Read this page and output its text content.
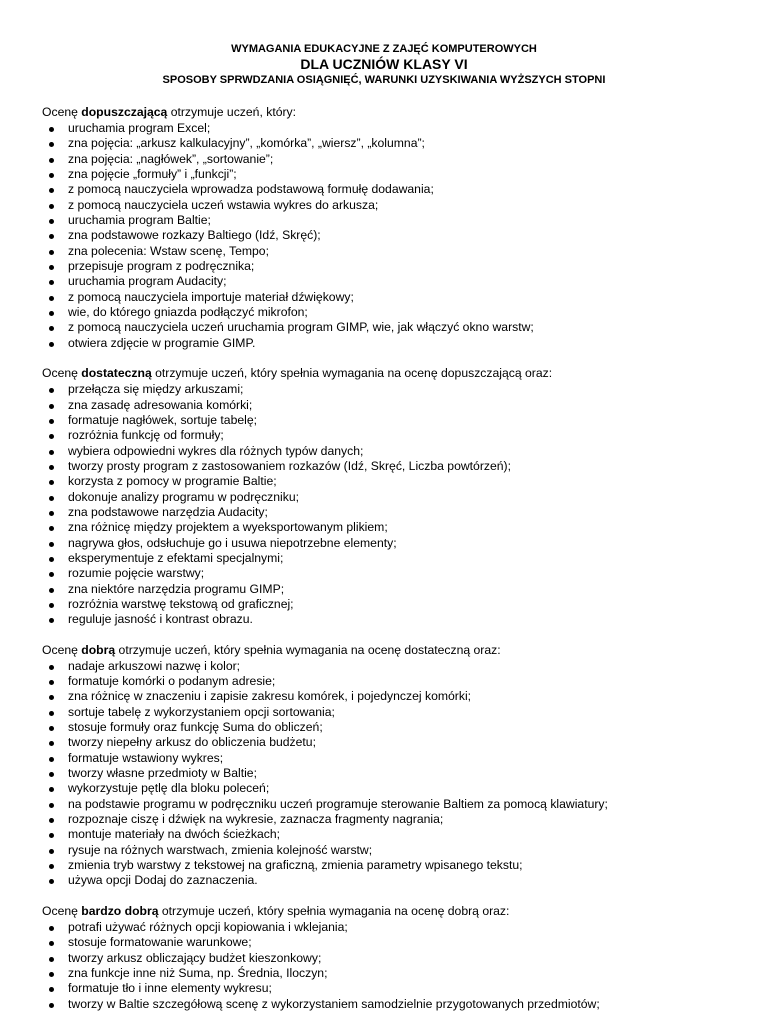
WYMAGANIA EDUKACYJNE Z ZAJĘĆ KOMPUTEROWYCH
DLA UCZNIÓW KLASY VI
SPOSOBY SPRWDZANIA OSIĄGNIĘĆ, WARUNKI UZYSKIWANIA WYŻSZYCH STOPNI
Ocenę dopuszczającą otrzymuje uczeń, który:
uruchamia program Excel;
zna pojęcia: „arkusz kalkulacyjny”, „komórka”, „wiersz”, „kolumna”;
zna pojęcia: „nagłówek”, „sortowanie”;
zna pojęcie „formuły” i „funkcji”;
z pomocą nauczyciela wprowadza podstawową formułę dodawania;
z pomocą nauczyciela uczeń wstawia wykres do arkusza;
uruchamia program Baltie;
zna podstawowe rozkazy Baltiego (Idź, Skręć);
zna polecenia: Wstaw scenę, Tempo;
przepisuje program z podręcznika;
uruchamia program Audacity;
z pomocą nauczyciela importuje materiał dźwiękowy;
wie, do którego gniazda podłączyć mikrofon;
z pomocą nauczyciela uczeń uruchamia program GIMP, wie, jak włączyć okno warstw;
otwiera zdjęcie w programie GIMP.
Ocenę dostateczną otrzymuje uczeń, który spełnia wymagania na ocenę dopuszczającą oraz:
przełącza się między arkuszami;
zna zasadę adresowania komórki;
formatuje nagłówek, sortuje tabelę;
rozróżnia funkcję od formuły;
wybiera odpowiedni wykres dla różnych typów danych;
tworzy prosty program z zastosowaniem rozkazów (Idź, Skręć, Liczba powtórzeń);
korzysta z pomocy w programie Baltie;
dokonuje analizy programu w podręczniku;
zna podstawowe narzędzia Audacity;
zna różnicę między projektem a wyeksportowanym plikiem;
nagrywa głos, odsłuchuje go i usuwa niepotrzebne elementy;
eksperymentuje z efektami specjalnymi;
rozumie pojęcie warstwy;
zna niektóre narzędzia programu GIMP;
rozróżnia warstwę tekstową od graficznej;
reguluje jasność i kontrast obrazu.
Ocenę dobrą otrzymuje uczeń, który spełnia wymagania na ocenę dostateczną oraz:
nadaje arkuszowi nazwę i kolor;
formatuje komórki o podanym adresie;
zna różnicę w znaczeniu i zapisie zakresu komórek, i pojedynczej komórki;
sortuje tabelę z wykorzystaniem opcji sortowania;
stosuje formuły oraz funkcję Suma do obliczeń;
tworzy niepełny arkusz do obliczenia budżetu;
formatuje wstawiony wykres;
tworzy własne przedmioty w Baltie;
wykorzystuje pętlę dla bloku poleceń;
na podstawie programu w podręczniku uczeń programuje sterowanie Baltiem za pomocą klawiatury;
rozpoznaje ciszę i dźwięk na wykresie, zaznacza fragmenty nagrania;
montuje materiały na dwóch ścieżkach;
rysuje na różnych warstwach, zmienia kolejność warstw;
zmienia tryb warstwy z tekstowej na graficzną, zmienia parametry wpisanego tekstu;
używa opcji Dodaj do zaznaczenia.
Ocenę bardzo dobrą otrzymuje uczeń, który spełnia wymagania na ocenę dobrą oraz:
potrafi używać różnych opcji kopiowania i wklejania;
stosuje formatowanie warunkowe;
tworzy arkusz obliczający budżet kieszonkowy;
zna funkcje inne niż Suma, np. Średnia, Iloczyn;
formatuje tło i inne elementy wykresu;
tworzy w Baltie szczegółową scenę z wykorzystaniem samodzielnie przygotowanych przedmiotów;
